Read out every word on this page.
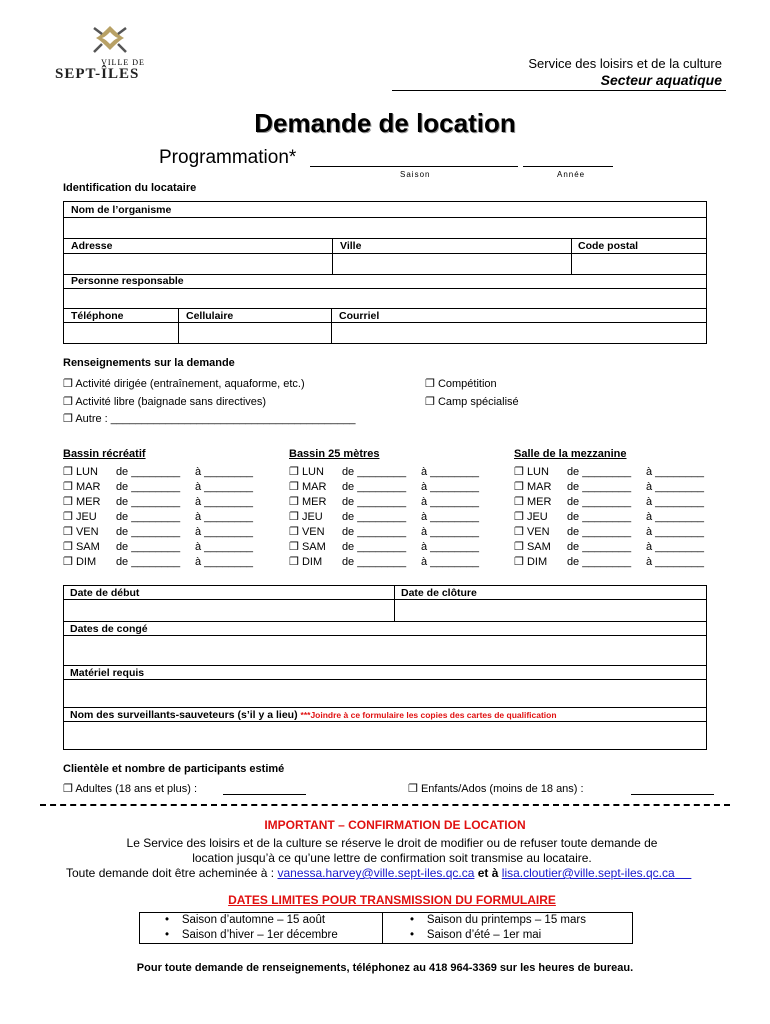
VILLE DE
SEPT-ÎLES
Service des loisirs et de la culture
Secteur aquatique
Demande de location
Programmation*
Saison	Année
Identification du locataire
Nom de l’organisme
Adresse	Ville	Code postal
Personne responsable
Téléphone	Cellulaire	Courriel
Renseignements sur la demande
❐ Activité dirigée (entraînement, aquaforme, etc.)
❐ Activité libre (baignade sans directives)
❐ Autre : ________________________________________
❐ Compétition
❐ Camp spécialisé
Bassin récréatif	Bassin 25 mètres	Salle de la mezzanine
❐ LUN de ________ à ________
❐ MAR de ________ à ________
❐ MER de ________ à ________
❐ JEU de ________ à ________
❐ VEN de ________ à ________
❐ SAM de ________ à ________
❐ DIM de ________ à ________
❐ LUN de ________ à ________
❐ MAR de ________ à ________
❐ MER de ________ à ________
❐ JEU de ________ à ________
❐ VEN de ________ à ________
❐ SAM de ________ à ________
❐ DIM de ________ à ________
❐ LUN de ________ à ________
❐ MAR de ________ à ________
❐ MER de ________ à ________
❐ JEU de ________ à ________
❐ VEN de ________ à ________
❐ SAM de ________ à ________
❐ DIM de ________ à ________
Date de début	Date de clôture
Dates de congé
Matériel requis
Nom des surveillants-sauveteurs (s’il y a lieu) ***Joindre à ce formulaire les copies des cartes de qualification
Clientèle et nombre de participants estimé
❐ Adultes (18 ans et plus) :	❐ Enfants/Ados (moins de 18 ans) :
IMPORTANT – CONFIRMATION DE LOCATION
Le Service des loisirs et de la culture se réserve le droit de modifier ou de refuser toute demande de
location jusqu’à ce qu’une lettre de confirmation soit transmise au locataire.
Toute demande doit être acheminée à : vanessa.harvey@ville.sept-iles.qc.ca et à lisa.cloutier@ville.sept-iles.qc.ca
DATES LIMITES POUR TRANSMISSION DU FORMULAIRE
•    Saison d’automne – 15 août
•    Saison d’hiver – 1er décembre
•    Saison du printemps – 15 mars
•    Saison d’été – 1er mai
Pour toute demande de renseignements, téléphonez au 418 964-3369 sur les heures de bureau.
